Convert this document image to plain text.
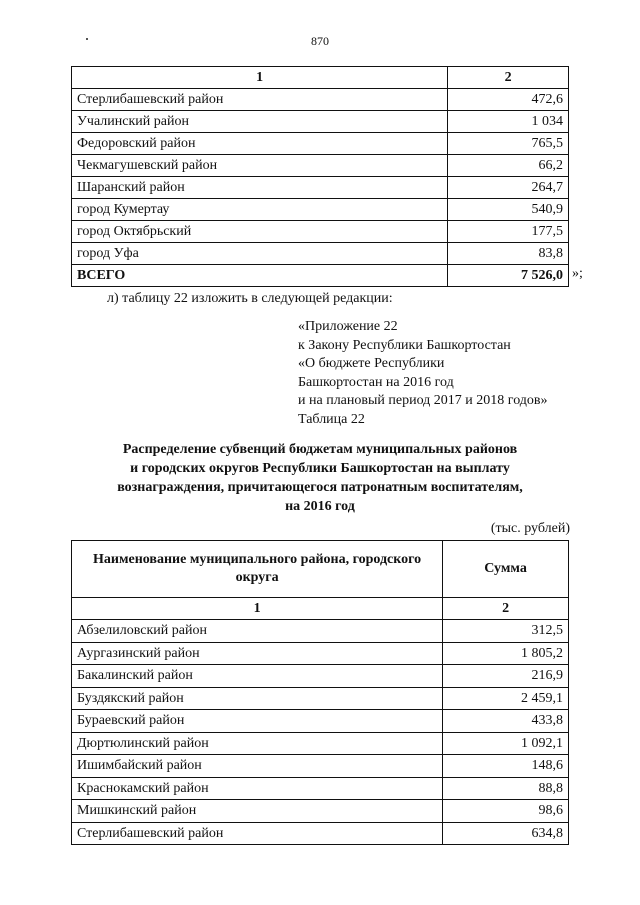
870
1	2
Стерлибашевский район	472,6
Учалинский район	1 034
Федоровский район	765,5
Чекмагушевский район	66,2
Шаранский район	264,7
город Кумертау	540,9
город Октябрьский	177,5
город Уфа	83,8
ВСЕГО	7 526,0 »;
л) таблицу 22 изложить в следующей редакции:
«Приложение 22
к Закону Республики Башкортостан
«О бюджете Республики
Башкортостан на 2016 год
и на плановый период 2017 и 2018 годов»
Таблица 22
Распределение субвенций бюджетам муниципальных районов
и городских округов Республики Башкортостан на выплату
вознаграждения, причитающегося патронатным воспитателям,
на 2016 год
(тыс. рублей)
Наименование муниципального района, городского округа	Сумма
1	2
Абзелиловский район	312,5
Аургазинский район	1 805,2
Бакалинский район	216,9
Буздякский район	2 459,1
Бураевский район	433,8
Дюртюлинский район	1 092,1
Ишимбайский район	148,6
Краснокамский район	88,8
Мишкинский район	98,6
Стерлибашевский район	634,8
